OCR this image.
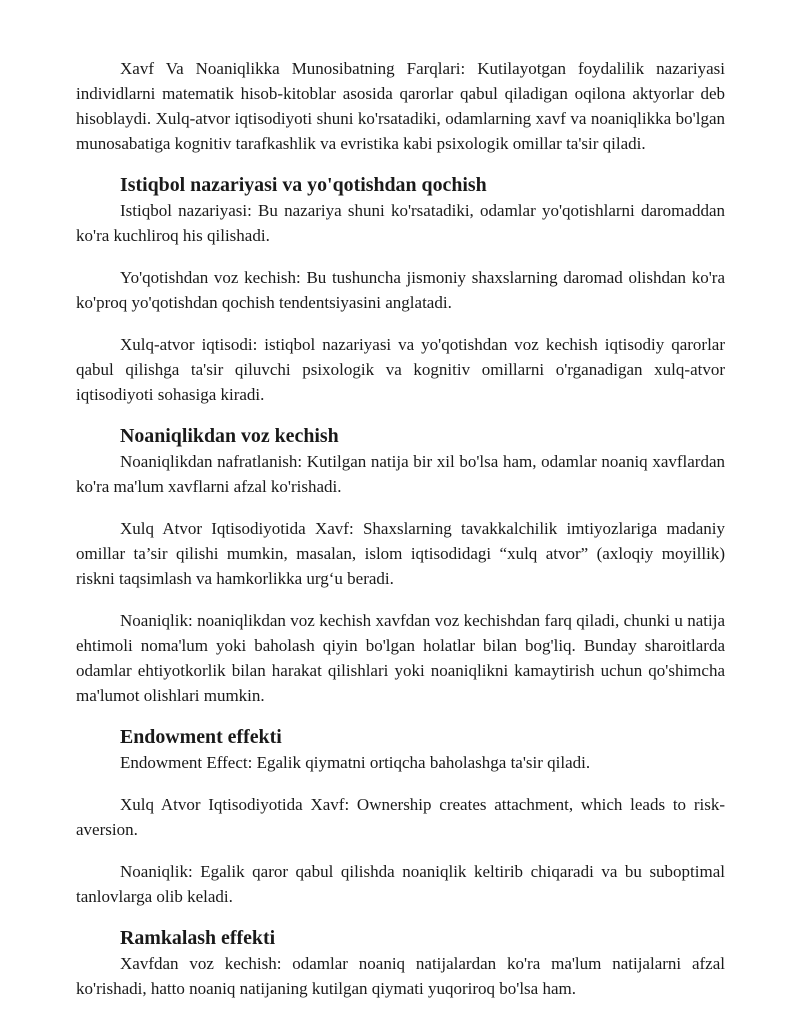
Xavf Va Noaniqlikka Munosibatning Farqlari: Kutilayotgan foydalilik nazariyasi individlarni matematik hisob-kitoblar asosida qarorlar qabul qiladigan oqilona aktyorlar deb hisoblaydi. Xulq-atvor iqtisodiyoti shuni ko'rsatadiki, odamlarning xavf va noaniqlikka bo'lgan munosabatiga kognitiv tarafkashlik va evristika kabi psixologik omillar ta'sir qiladi.

Istiqbol nazariyasi va yo'qotishdan qochish

Istiqbol nazariyasi: Bu nazariya shuni ko'rsatadiki, odamlar yo'qotishlarni daromaddan ko'ra kuchliroq his qilishadi.

Yo'qotishdan voz kechish: Bu tushuncha jismoniy shaxslarning daromad olishdan ko'ra ko'proq yo'qotishdan qochish tendentsiyasini anglatadi.

Xulq-atvor iqtisodi: istiqbol nazariyasi va yo'qotishdan voz kechish iqtisodiy qarorlar qabul qilishga ta'sir qiluvchi psixologik va kognitiv omillarni o'rganadigan xulq-atvor iqtisodiyoti sohasiga kiradi.

Noaniqlikdan voz kechish

Noaniqlikdan nafratlanish: Kutilgan natija bir xil bo'lsa ham, odamlar noaniq xavflardan ko'ra ma'lum xavflarni afzal ko'rishadi.

Xulq Atvor Iqtisodiyotida Xavf: Shaxslarning tavakkalchilik imtiyozlariga madaniy omillar ta’sir qilishi mumkin, masalan, islom iqtisodidagi “xulq atvor” (axloqiy moyillik) riskni taqsimlash va hamkorlikka urg‘u beradi.

Noaniqlik: noaniqlikdan voz kechish xavfdan voz kechishdan farq qiladi, chunki u natija ehtimoli noma'lum yoki baholash qiyin bo'lgan holatlar bilan bog'liq. Bunday sharoitlarda odamlar ehtiyotkorlik bilan harakat qilishlari yoki noaniqlikni kamaytirish uchun qo'shimcha ma'lumot olishlari mumkin.

Endowment effekti

Endowment Effect: Egalik qiymatni ortiqcha baholashga ta'sir qiladi.

Xulq Atvor Iqtisodiyotida Xavf: Ownership creates attachment, which leads to risk-aversion.

Noaniqlik: Egalik qaror qabul qilishda noaniqlik keltirib chiqaradi va bu suboptimal tanlovlarga olib keladi.

Ramkalash effekti

Xavfdan voz kechish: odamlar noaniq natijalardan ko'ra ma'lum natijalarni afzal ko'rishadi, hatto noaniq natijaning kutilgan qiymati yuqoriroq bo'lsa ham.
